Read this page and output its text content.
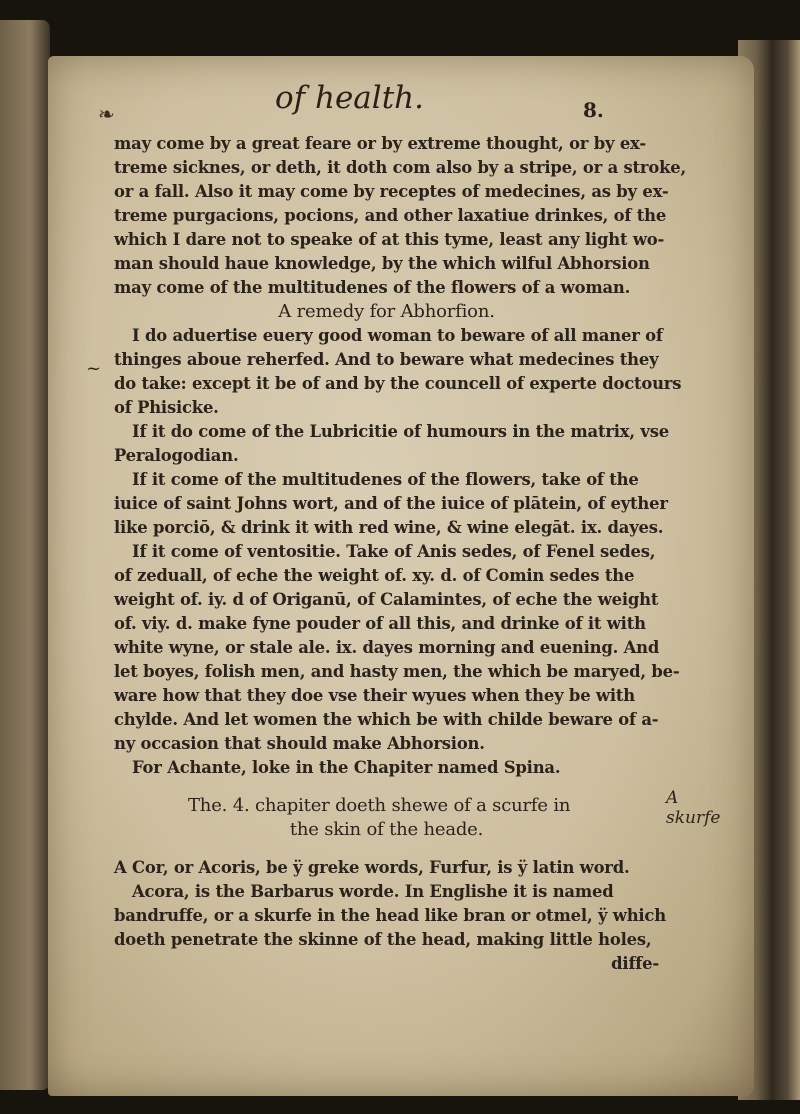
❧	of health.	8.
~
may come by a great feare or by extreme thought, or by ex-
treme sicknes, or deth, it doth com also by a stripe, or a stroke,
or a fall. Also it may come by receptes of medecines, as by ex-
treme purgacions, pocions, and other laxatiue drinkes, of the
which I dare not to speake of at this tyme, least any light wo-
man should haue knowledge, by the which wilful Abhorsion
may come of the multitudenes of the flowers of a woman.
A remedy for Abhorfion.
I do aduertise euery good woman to beware of all maner of
thinges aboue reherfed. And to beware what medecines they
do take: except it be of and by the councell of experte doctours
of Phisicke.
If it do come of the Lubricitie of humours in the matrix, vse
Peralogodian.
If it come of the multitudenes of the flowers, take of the
iuice of saint Johns wort, and of the iuice of plātein, of eyther
like porciō, & drink it with red wine, & wine elegāt. ix. dayes.
If it come of ventositie. Take of Anis sedes, of Fenel sedes,
of zeduall, of eche the weight of. xy. d. of Comin sedes the
weight of. iy. d of Origanū, of Calamintes, of eche the weight
of. viy. d. make fyne pouder of all this, and drinke of it with
white wyne, or stale ale. ix. dayes morning and euening. And
let boyes, folish men, and hasty men, the which be maryed, be-
ware how that they doe vse their wyues when they be with
chylde. And let women the which be with childe beware of a-
ny occasion that should make Abhorsion.
For Achante, loke in the Chapiter named Spina.
The. 4. chapiter doeth shewe of a scurfe in
the skin of the heade.
A Cor, or Acoris, be ÿ greke words, Furfur, is ÿ latin word.
Acora, is the Barbarus worde. In Englishe it is named
bandruffe, or a skurfe in the head like bran or otmel, ÿ which
doeth penetrate the skinne of the head, making little holes,
diffe-
A skurfe
